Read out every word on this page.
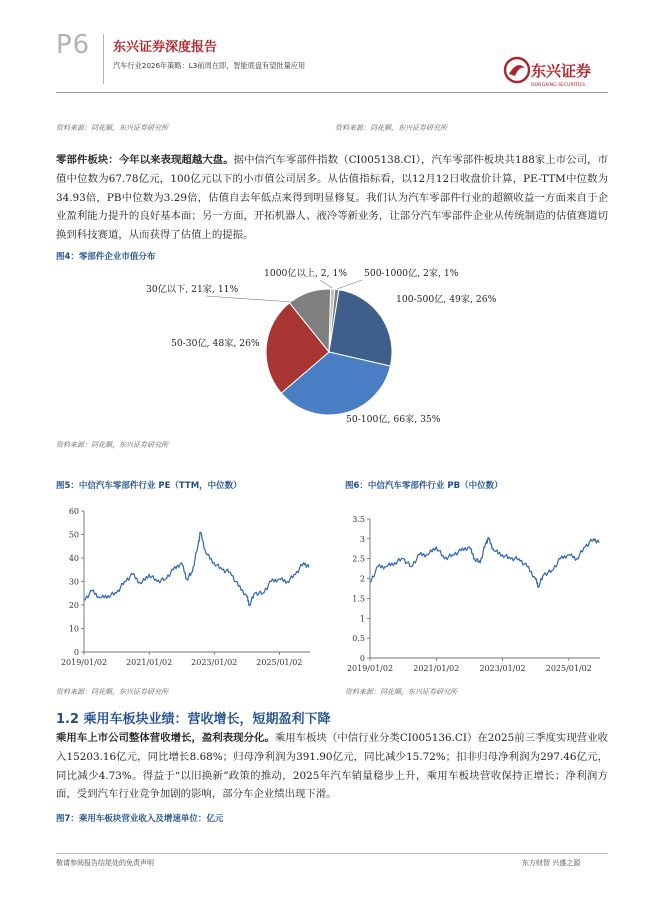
P6 东兴证券深度报告
汽车行业2026年策略：L3前周在即，智能底盘有望批量应用	东兴证券
DONGXING SECURITIES
资料来源：同花顺，东兴证券研究所	资料来源：同花顺，东兴证券研究所
零部件板块：今年以来表现超越大盘。据中信汽车零部件指数（CI005138.CI），汽车零部件板块共188家上市公司，市值中位数为67.78亿元，100亿元以下的小市值公司居多。从估值指标看，以12月12日收盘价计算，PE-TTM中位数为34.93倍，PB中位数为3.29倍，估值自去年低点来得到明显修复。我们认为汽车零部件行业的超额收益一方面来自于企业盈利能力提升的良好基本面；另一方面，开拓机器人、液冷等新业务，让部分汽车零部件企业从传统制造的估值赛道切换到科技赛道，从而获得了估值上的提振。
图4：零部件企业市值分布
1000亿以上, 2, 1% 500-1000亿, 2家, 1%
100-500亿, 49家, 26%
50-100亿, 66家, 35%
50-30亿, 48家, 26%
30亿以下, 21家, 11%
资料来源：同花顺，东兴证券研究所
图5：中信汽车零部件行业 PE（TTM，中位数）	图6：中信汽车零部件行业 PB（中位数）
0
10
20
30
40
50
60
2019/01/02 2021/01/02 2023/01/02 2025/01/02	0
0.5
1
1.5
2
2.5
3
3.5
2019/01/02	2021/01/02	2023/01/02	2025/01/02
资料来源：同花顺，东兴证券研究所	资料来源：同花顺，东兴证券研究所
1.2 乘用车板块业绩：营收增长，短期盈利下降
乘用车上市公司整体营收增长，盈利表现分化。乘用车板块（中信行业分类CI005136.CI）在2025前三季度实现营业收入15203.16亿元，同比增长8.68%；归母净利润为391.90亿元，同比减少15.72%；扣非归母净利润为297.46亿元，同比减少4.73%。得益于“以旧换新”政策的推动，2025年汽车销量稳步上升，乘用车板块营收保持正增长；净利润方面，受到汽车行业竞争加剧的影响，部分车企业绩出现下滑。
图7：乘用车板块营业收入及增速单位：亿元
敬请参阅报告结尾处的免责声明	东方财智 兴盛之源
